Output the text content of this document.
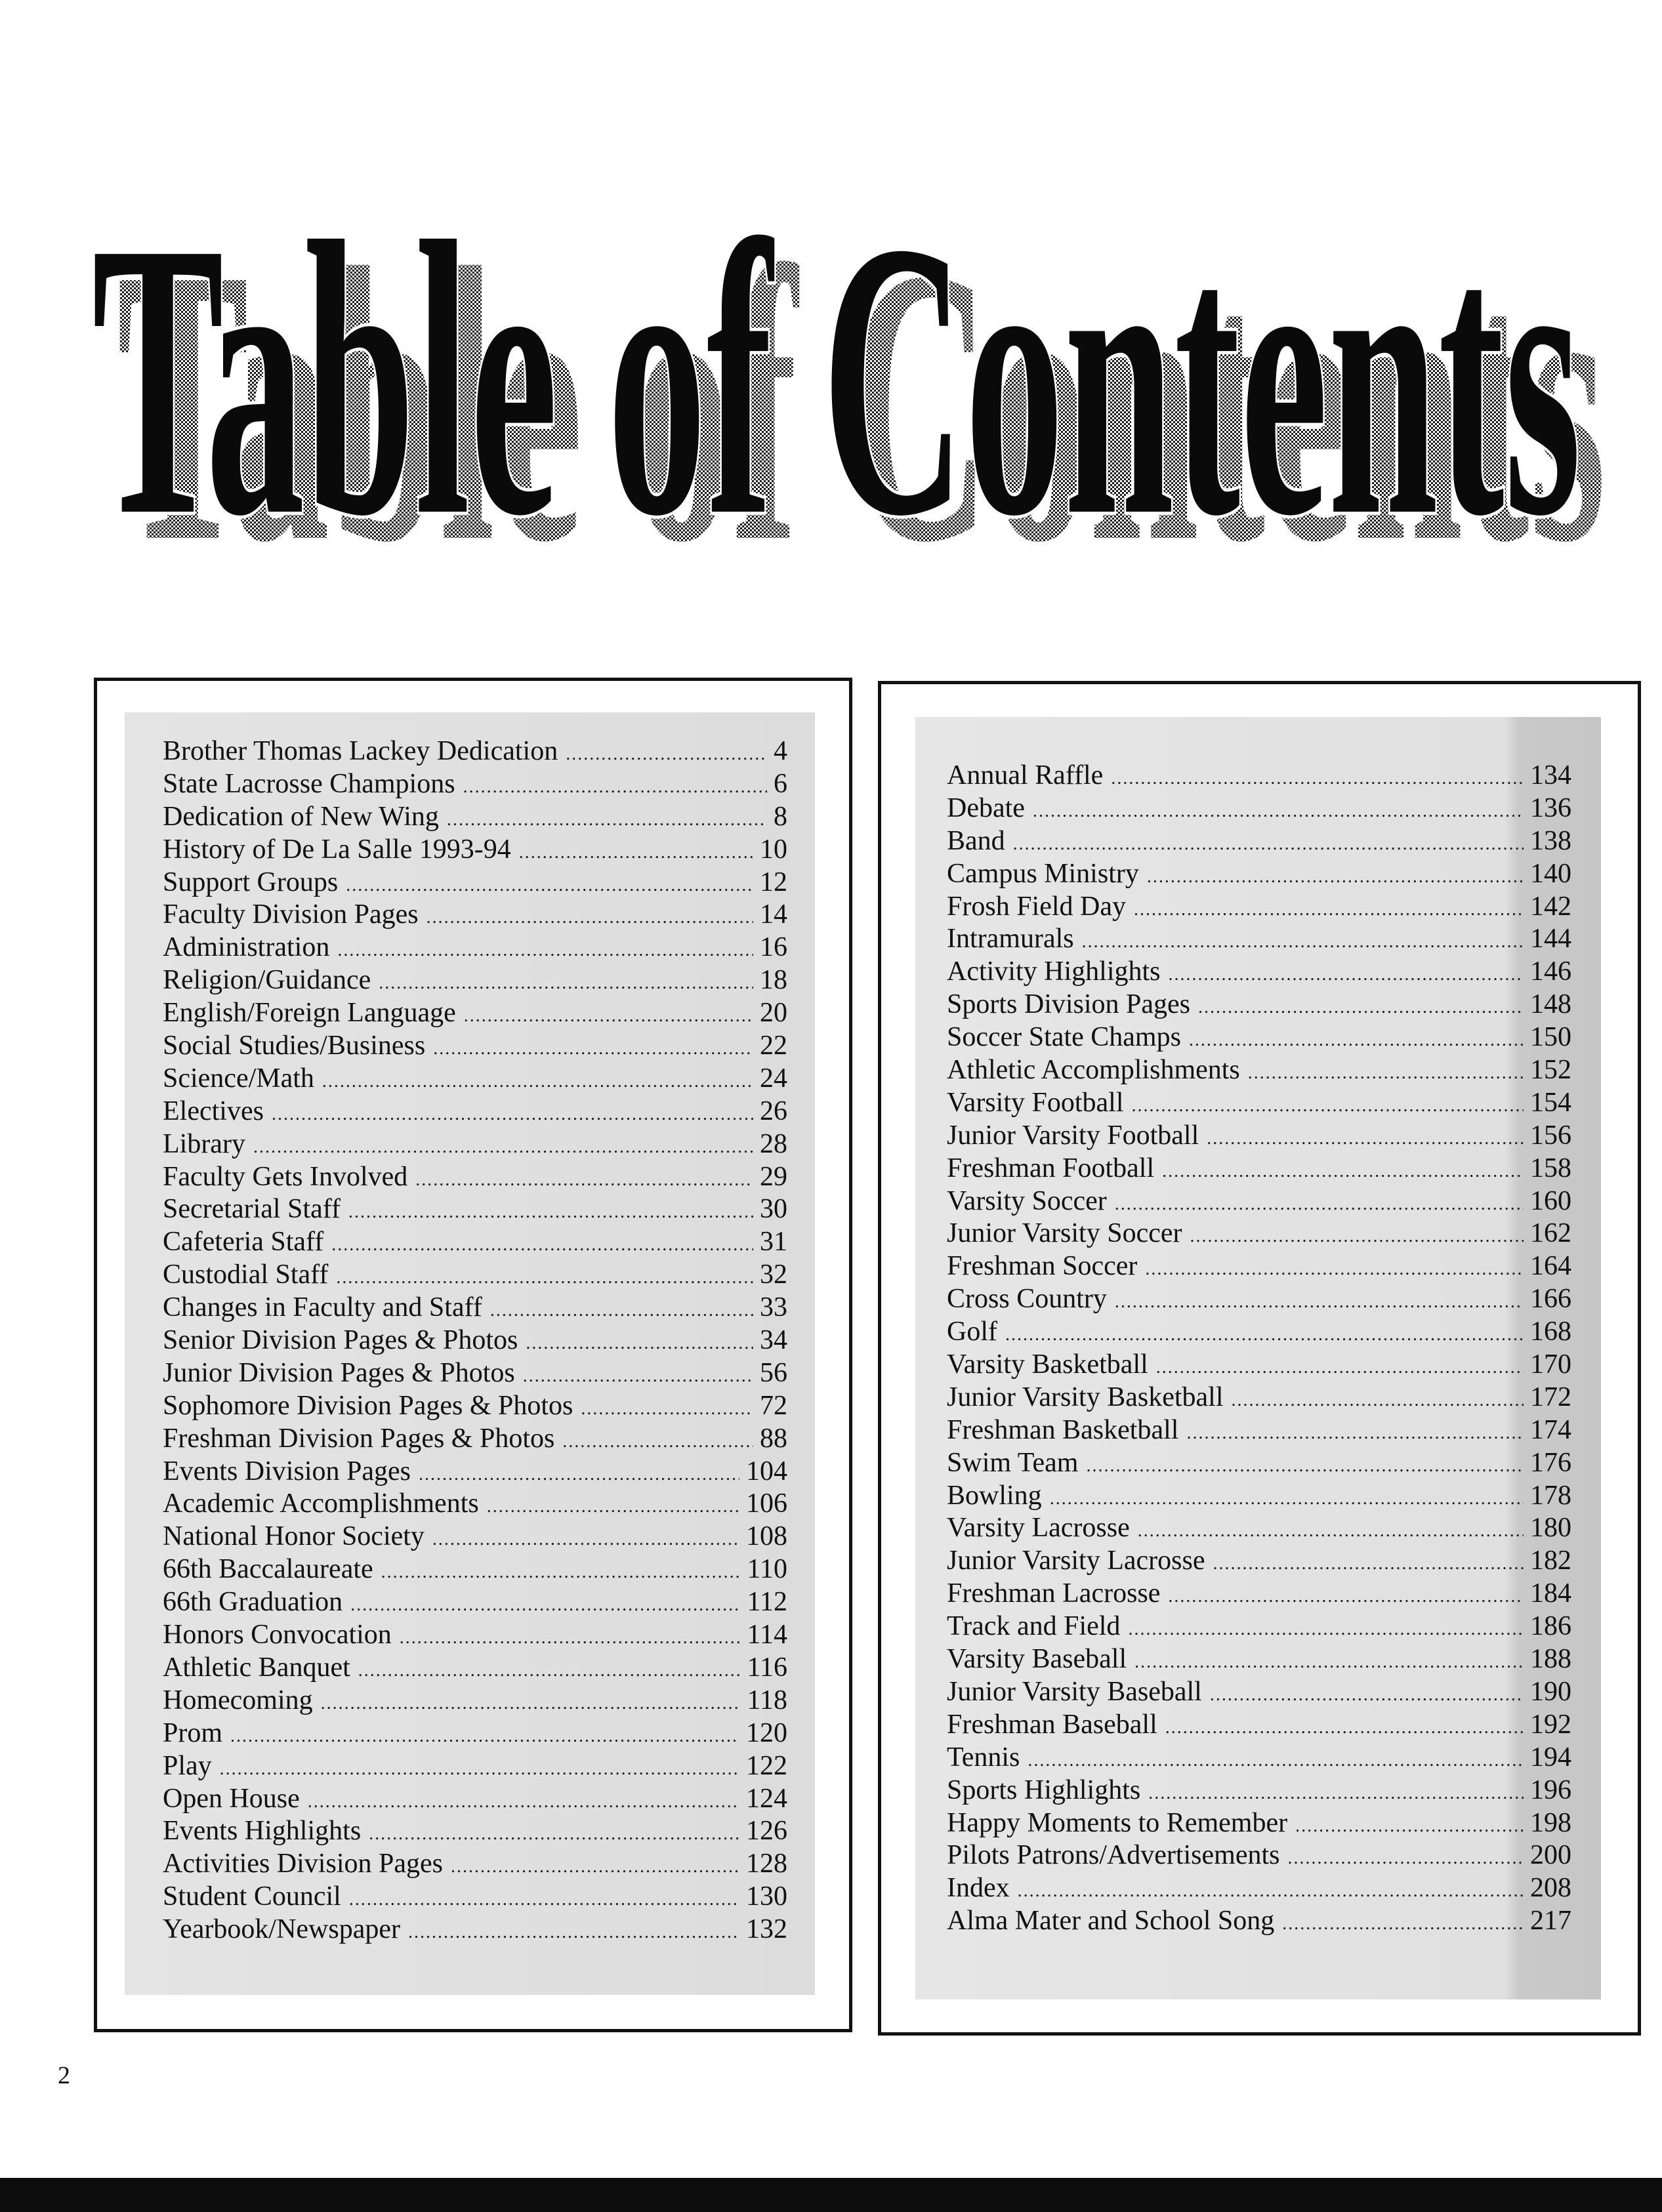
Table of Contents
Table of Contents
Brother Thomas Lackey Dedication .....	4
State Lacrosse Champions .....	6
Dedication of New Wing .....	8
History of De La Salle 1993-94 .....	10
Support Groups .....	12
Faculty Division Pages .....	14
Administration .....	16
Religion/Guidance .....	18
English/Foreign Language .....	20
Social Studies/Business .....	22
Science/Math .....	24
Electives .....	26
Library .....	28
Faculty Gets Involved .....	29
Secretarial Staff .....	30
Cafeteria Staff .....	31
Custodial Staff .....	32
Changes in Faculty and Staff .....	33
Senior Division Pages & Photos .....	34
Junior Division Pages & Photos .....	56
Sophomore Division Pages & Photos .....	72
Freshman Division Pages & Photos .....	88
Events Division Pages .....	104
Academic Accomplishments .....	106
National Honor Society .....	108
66th Baccalaureate .....	110
66th Graduation .....	112
Honors Convocation .....	114
Athletic Banquet .....	116
Homecoming .....	118
Prom .....	120
Play .....	122
Open House .....	124
Events Highlights .....	126
Activities Division Pages .....	128
Student Council .....	130
Yearbook/Newspaper .....	132
Annual Raffle .....	134
Debate .....	136
Band .....	138
Campus Ministry .....	140
Frosh Field Day .....	142
Intramurals .....	144
Activity Highlights .....	146
Sports Division Pages .....	148
Soccer State Champs .....	150
Athletic Accomplishments .....	152
Varsity Football .....	154
Junior Varsity Football .....	156
Freshman Football .....	158
Varsity Soccer .....	160
Junior Varsity Soccer .....	162
Freshman Soccer .....	164
Cross Country .....	166
Golf .....	168
Varsity Basketball .....	170
Junior Varsity Basketball .....	172
Freshman Basketball .....	174
Swim Team .....	176
Bowling .....	178
Varsity Lacrosse .....	180
Junior Varsity Lacrosse .....	182
Freshman Lacrosse .....	184
Track and Field .....	186
Varsity Baseball .....	188
Junior Varsity Baseball .....	190
Freshman Baseball .....	192
Tennis .....	194
Sports Highlights .....	196
Happy Moments to Remember .....	198
Pilots Patrons/Advertisements .....	200
Index .....	208
Alma Mater and School Song .....	217
2
